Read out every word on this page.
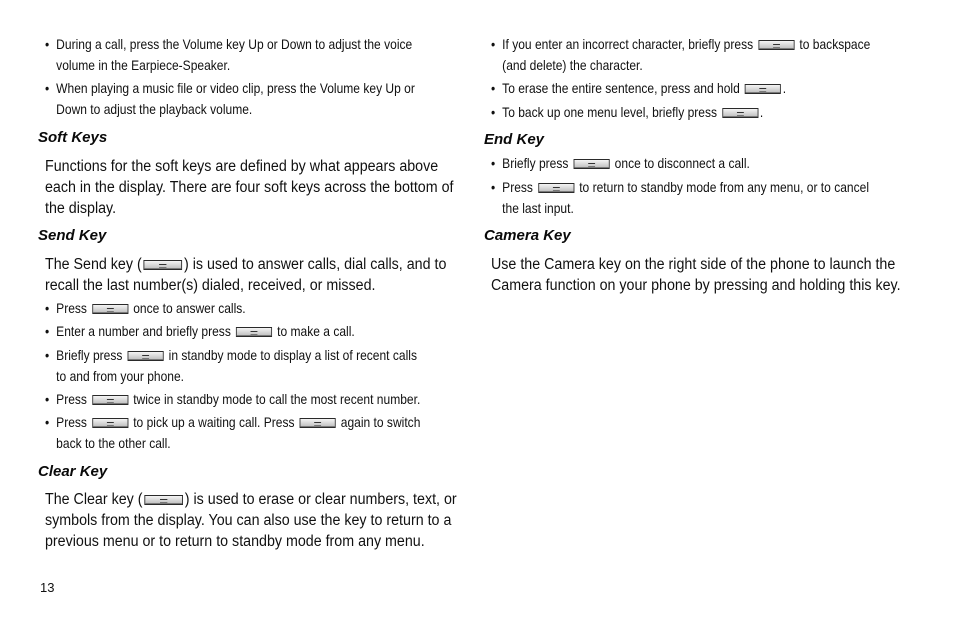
• During a call, press the Volume key Up or Down to adjust the voice
volume in the Earpiece-Speaker.
• When playing a music file or video clip, press the Volume key Up or
Down to adjust the playback volume.
Soft Keys
Functions for the soft keys are defined by what appears above
each in the display. There are four soft keys across the bottom of
the display.
Send Key
The Send key (	) is used to answer calls, dial calls, and to
recall the last number(s) dialed, received, or missed.
• Press	once to answer calls.
• Enter a number and briefly press	to make a call.
• Briefly press	in standby mode to display a list of recent calls
to and from your phone.
• Press	twice in standby mode to call the most recent number.
• Press	to pick up a waiting call. Press	again to switch
back to the other call.
Clear Key
The Clear key (	) is used to erase or clear numbers, text, or
symbols from the display. You can also use the key to return to a
previous menu or to return to standby mode from any menu.
• If you enter an incorrect character, briefly press	to backspace
(and delete) the character.
• To erase the entire sentence, press and hold	.
• To back up one menu level, briefly press	.
End Key
• Briefly press	once to disconnect a call.
• Press	to return to standby mode from any menu, or to cancel
the last input.
Camera Key
Use the Camera key on the right side of the phone to launch the
Camera function on your phone by pressing and holding this key.
13
